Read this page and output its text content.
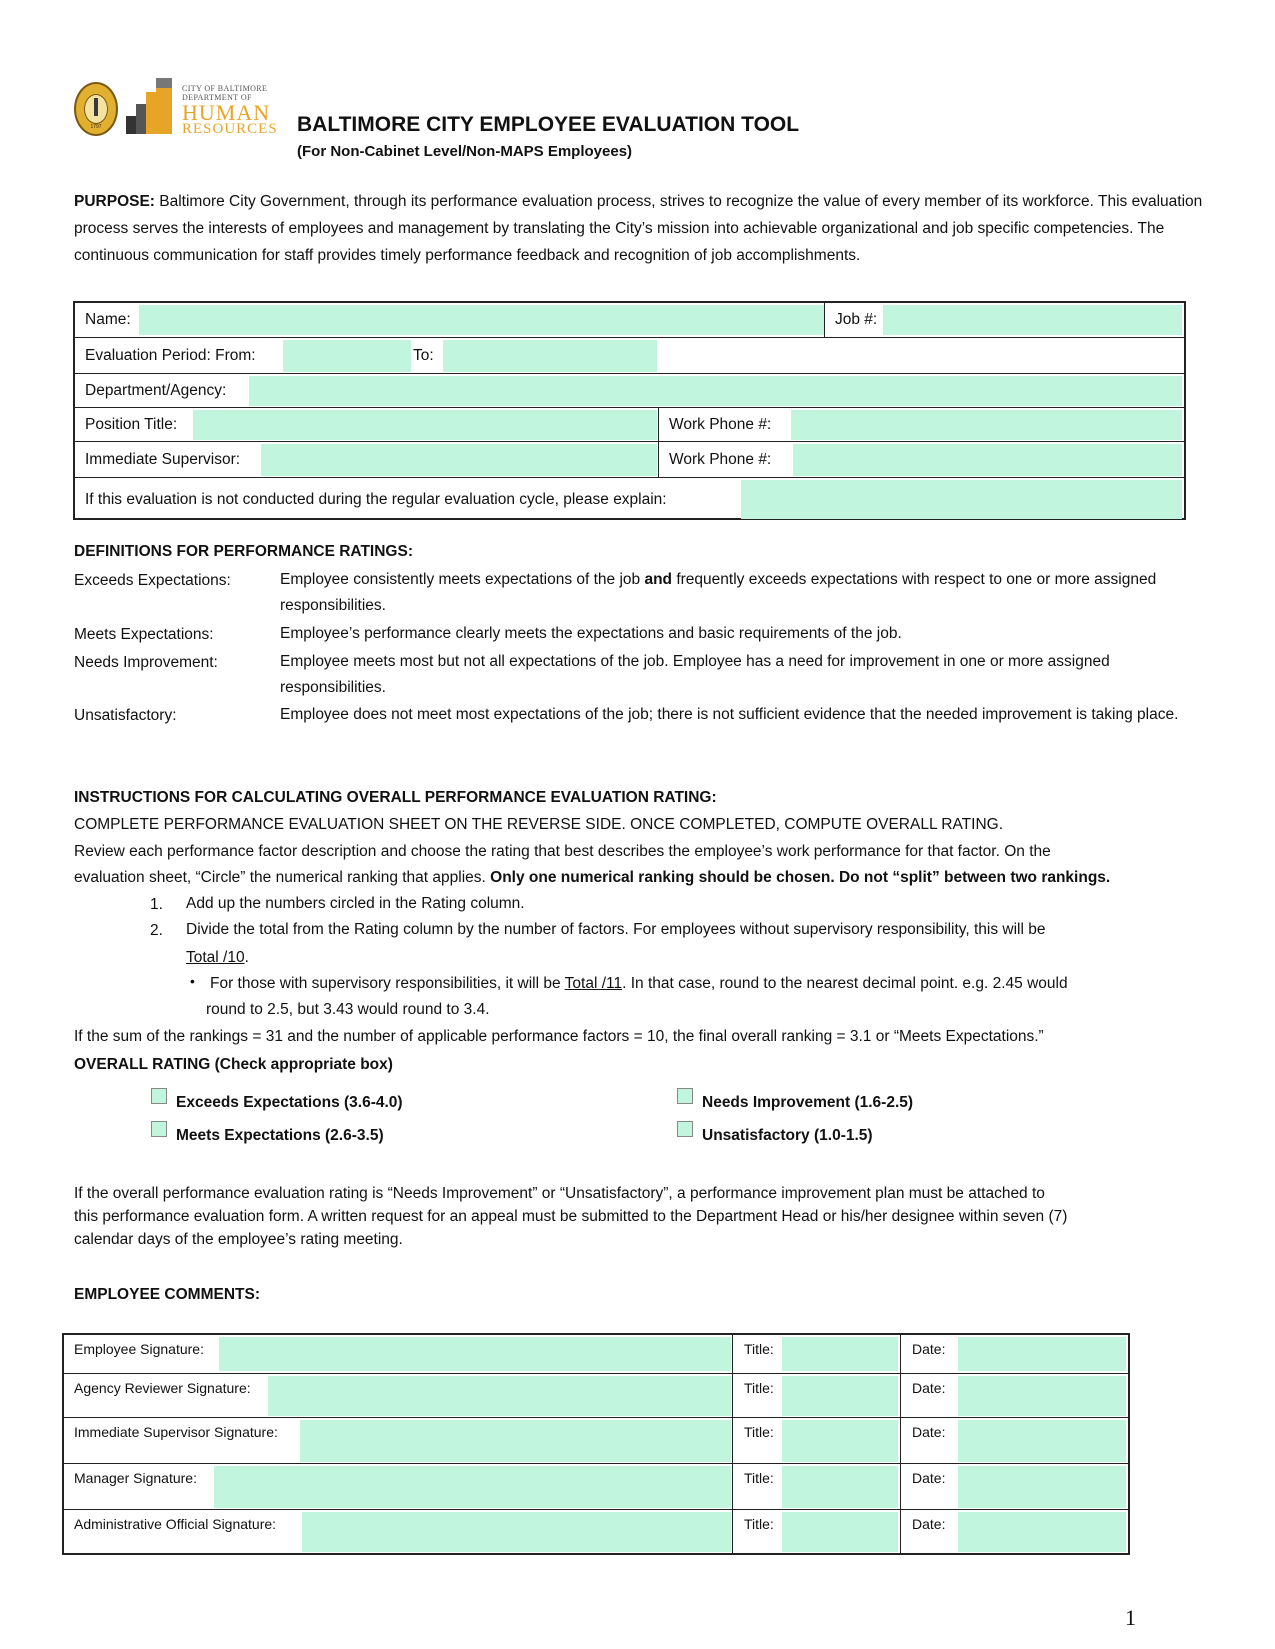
1797
CITY OF BALTIMORE
DEPARTMENT OF
HUMAN
RESOURCES BALTIMORE CITY EMPLOYEE EVALUATION TOOL
(For Non-Cabinet Level/Non-MAPS Employees)
PURPOSE: Baltimore City Government, through its performance evaluation process, strives to recognize the value of every member of its workforce. This evaluation process serves the interests of employees and management by translating the City’s mission into achievable organizational and job specific competencies. The continuous communication for staff provides timely performance feedback and recognition of job accomplishments.
Name:	Job #:
Evaluation Period: From:	To:
Department/Agency:
Position Title:	Work Phone #:
Immediate Supervisor:	Work Phone #:
If this evaluation is not conducted during the regular evaluation cycle, please explain:
DEFINITIONS FOR PERFORMANCE RATINGS:
Exceeds Expectations:	Employee consistently meets expectations of the job and frequently exceeds expectations with respect to one or more assigned responsibilities.
Meets Expectations:	Employee’s performance clearly meets the expectations and basic requirements of the job.
Needs Improvement:	Employee meets most but not all expectations of the job. Employee has a need for improvement in one or more assigned responsibilities.
Unsatisfactory:	Employee does not meet most expectations of the job; there is not sufficient evidence that the needed improvement is taking place.
INSTRUCTIONS FOR CALCULATING OVERALL PERFORMANCE EVALUATION RATING:
COMPLETE PERFORMANCE EVALUATION SHEET ON THE REVERSE SIDE. ONCE COMPLETED, COMPUTE OVERALL RATING.
Review each performance factor description and choose the rating that best describes the employee’s work performance for that factor. On the
evaluation sheet, “Circle” the numerical ranking that applies. Only one numerical ranking should be chosen. Do not “split” between two rankings.
1. Add up the numbers circled in the Rating column.
2. Divide the total from the Rating column by the number of factors. For employees without supervisory responsibility, this will be
Total /10.
• For those with supervisory responsibilities, it will be Total /11. In that case, round to the nearest decimal point. e.g. 2.45 would
round to 2.5, but 3.43 would round to 3.4.
If the sum of the rankings = 31 and the number of applicable performance factors = 10, the final overall ranking = 3.1 or “Meets Expectations.”
OVERALL RATING (Check appropriate box)
Exceeds Expectations (3.6-4.0)	Needs Improvement (1.6-2.5)
Meets Expectations (2.6-3.5)	Unsatisfactory (1.0-1.5)
If the overall performance evaluation rating is “Needs Improvement” or “Unsatisfactory”, a performance improvement plan must be attached to
this performance evaluation form. A written request for an appeal must be submitted to the Department Head or his/her designee within seven (7)
calendar days of the employee’s rating meeting.
EMPLOYEE COMMENTS:
Employee Signature:	Title:	Date:
Agency Reviewer Signature:	Title:	Date:
Immediate Supervisor Signature:	Title:	Date:
Manager Signature:	Title:	Date:
Administrative Official Signature:	Title:	Date:
1
